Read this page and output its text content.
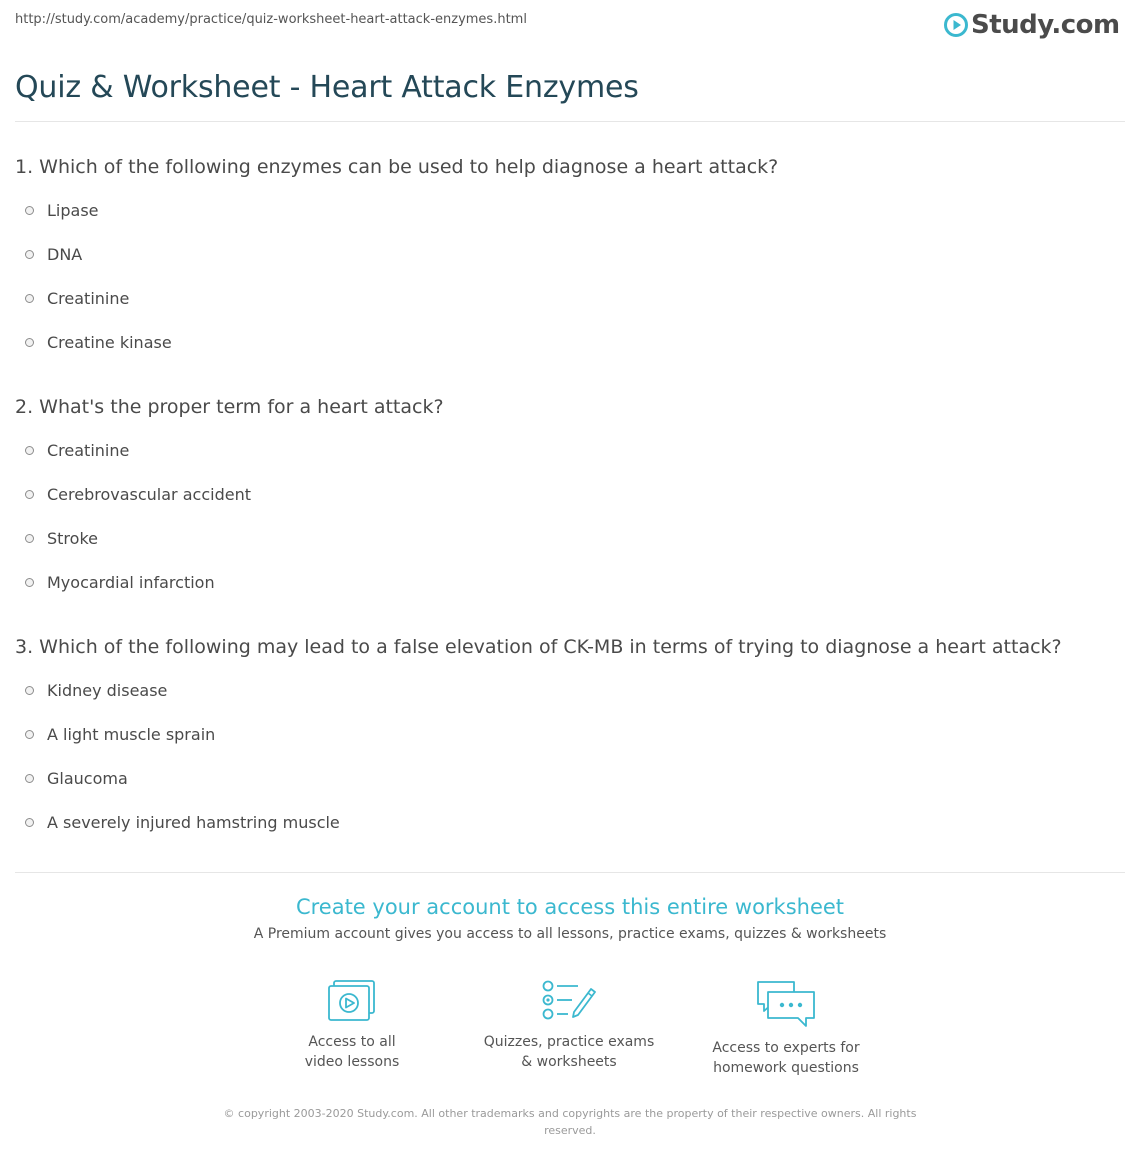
http://study.com/academy/practice/quiz-worksheet-heart-attack-enzymes.html	Study.com
Quiz & Worksheet - Heart Attack Enzymes
1. Which of the following enzymes can be used to help diagnose a heart attack?
Lipase
DNA
Creatinine
Creatine kinase
2. What's the proper term for a heart attack?
Creatinine
Cerebrovascular accident
Stroke
Myocardial infarction
3. Which of the following may lead to a false elevation of CK-MB in terms of trying to diagnose a heart attack?
Kidney disease
A light muscle sprain
Glaucoma
A severely injured hamstring muscle
Create your account to access this entire worksheet

A Premium account gives you access to all lessons, practice exams, quizzes & worksheets

Access to all
video lessons
Quizzes, practice exams
& worksheets
Access to experts for
homework questions
© copyright 2003-2020 Study.com. All other trademarks and copyrights are the property of their respective owners. All rights
reserved.
